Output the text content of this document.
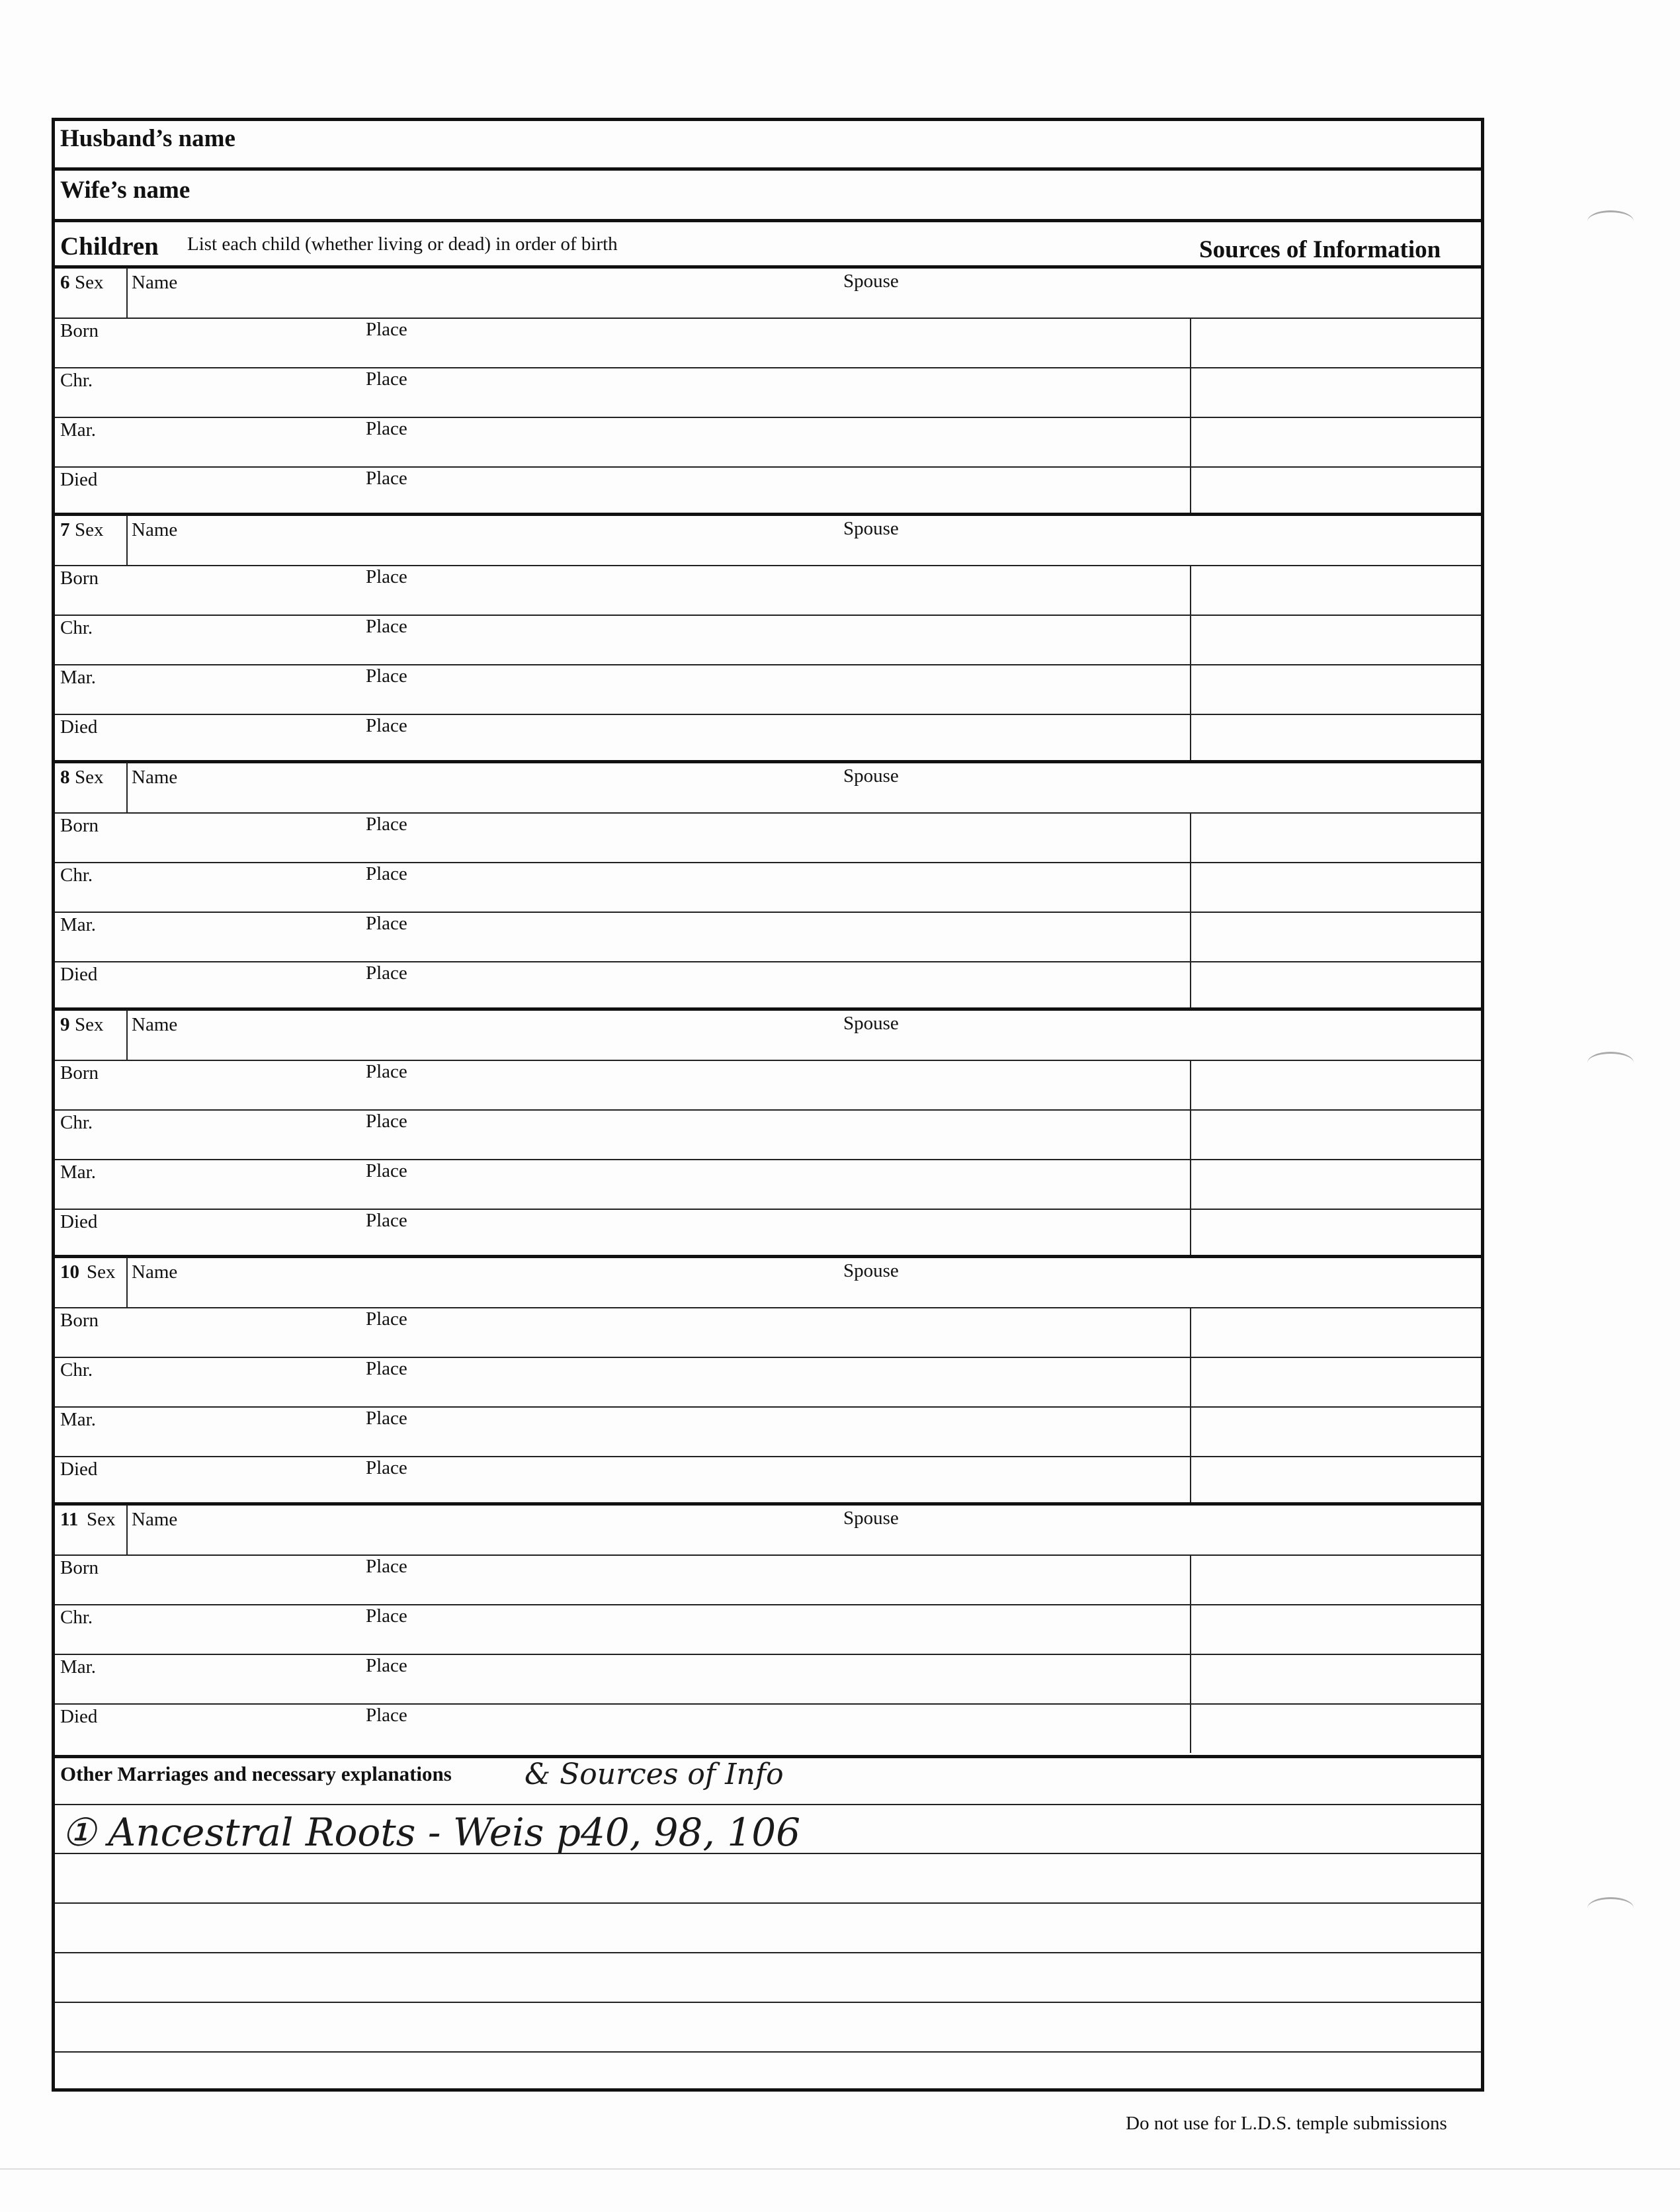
Husband’s name
Wife’s name
Children List each child (whether living or dead) in order of birth	Sources of Information
6 Sex Name	Spouse
Born	Place
Chr.	Place
Mar.	Place
Died	Place
7 Sex Name	Spouse
Born	Place
Chr.	Place
Mar.	Place
Died	Place
8 Sex Name	Spouse
Born	Place
Chr.	Place
Mar.	Place
Died	Place
9 Sex Name	Spouse
Born	Place
Chr.	Place
Mar.	Place
Died	Place
10 Sex Name	Spouse
Born	Place
Chr.	Place
Mar.	Place
Died	Place
11 Sex Name	Spouse
Born	Place
Chr.	Place
Mar.	Place
Died	Place
Other Marriages and necessary explanations	& Sources of Info
① Ancestral Roots - Weis p40, 98, 106
Do not use for L.D.S. temple submissions
